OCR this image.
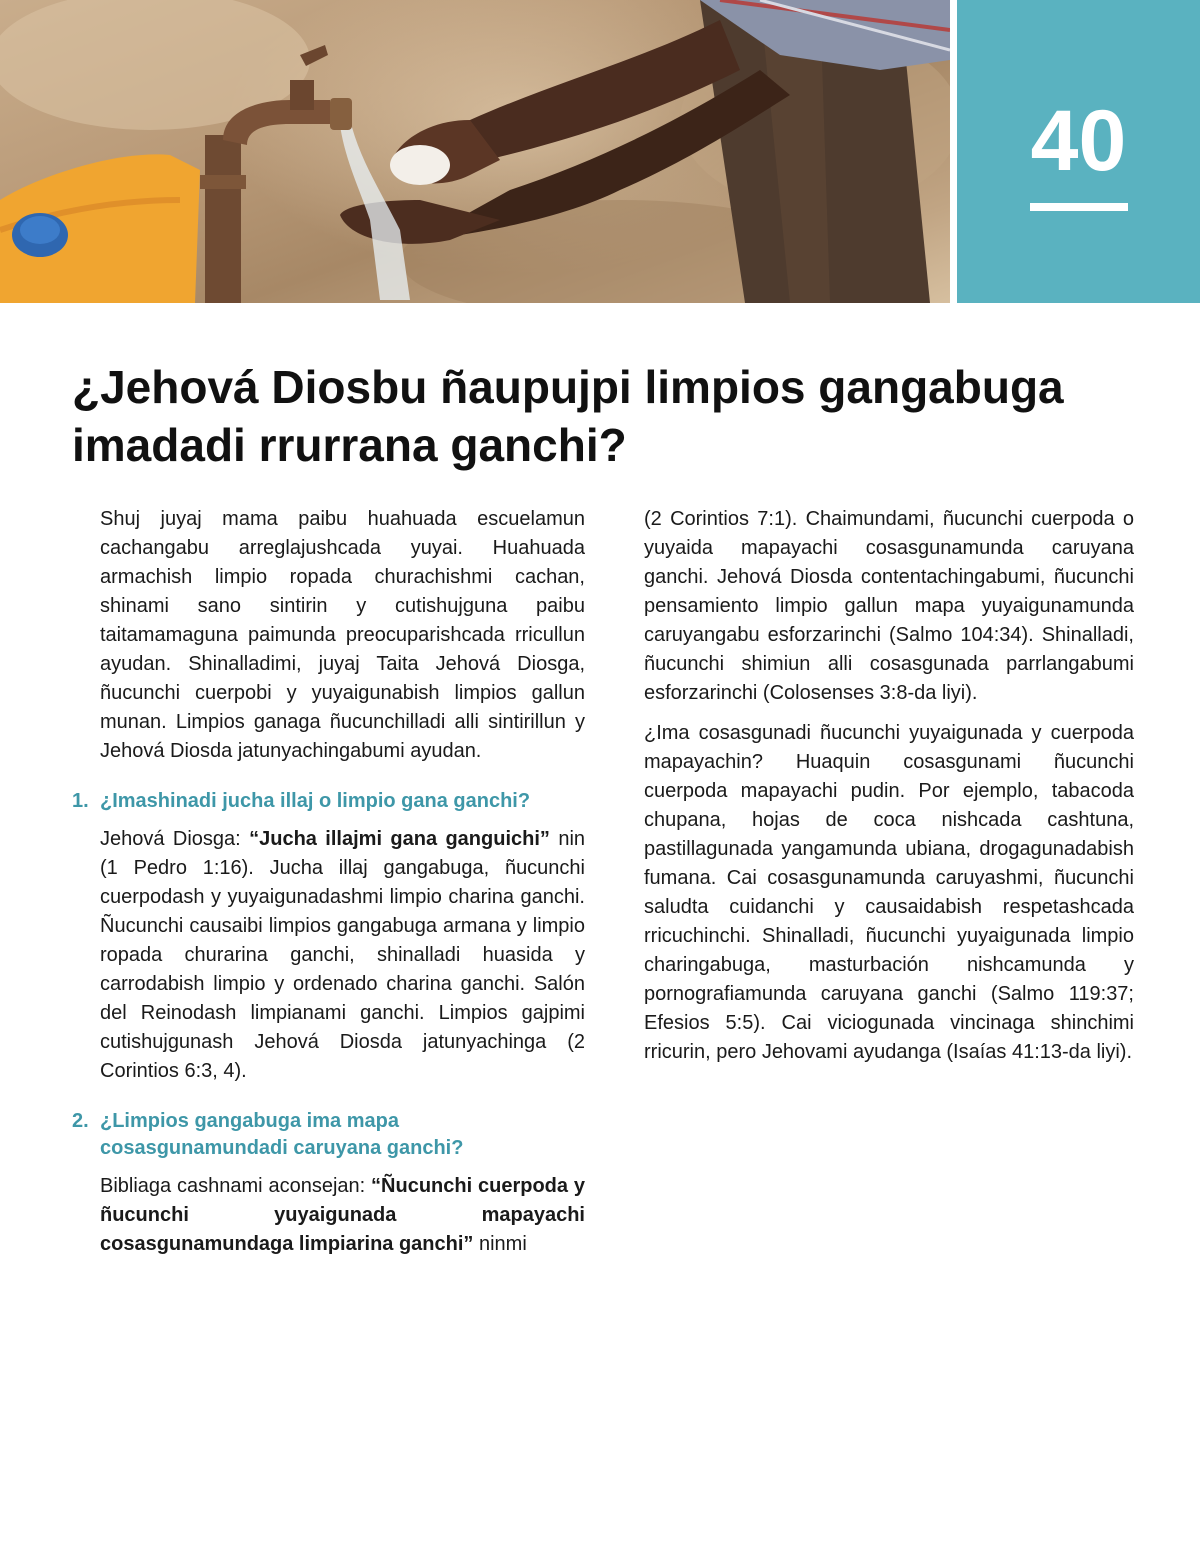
40
¿Jehová Diosbu ñaupujpi limpios gangabuga imadadi rrurrana ganchi?

Shuj juyaj mama paibu huahuada escuelamun cachangabu arreglajushcada yuyai. Huahuada armachish limpio ropada churachishmi cachan, shinami sano sintirin y cutishujguna paibu taitamamaguna paimunda preocuparishcada rricullun ayudan. Shinalladimi, juyaj Taita Jehová Diosga, ñucunchi cuerpobi y yuyaigunabish limpios gallun munan. Limpios ganaga ñucunchilladi alli sintirillun y Jehová Diosda jatunyachingabumi ayudan.

1. ¿Imashinadi jucha illaj o limpio gana ganchi?

Jehová Diosga: “Jucha illajmi gana ganguichi” nin (1 Pedro 1:16). Jucha illaj gangabuga, ñucunchi cuerpodash y yuyaigunadashmi limpio charina ganchi. Ñucunchi causaibi limpios gangabuga armana y limpio ropada churarina ganchi, shinalladi huasida y carrodabish limpio y ordenado charina ganchi. Salón del Reinodash limpianami ganchi. Limpios gajpimi cutishujgunash Jehová Diosda jatunyachinga (2 Corintios 6:3, 4).

2. ¿Limpios gangabuga ima mapa cosasgunamundadi caruyana ganchi?

Bibliaga cashnami aconsejan: “Ñucunchi cuerpoda y ñucunchi yuyaigunada mapayachi cosasgunamundaga limpiarina ganchi” ninmi

(2 Corintios 7:1). Chaimundami, ñucunchi cuerpoda o yuyaida mapayachi cosasgunamunda caruyana ganchi. Jehová Diosda contentachingabumi, ñucunchi pensamiento limpio gallun mapa yuyaigunamunda caruyangabu esforzarinchi (Salmo 104:34). Shinalladi, ñucunchi shimiun alli cosasgunada parrlangabumi esforzarinchi (Colosenses 3:8-da liyi).

¿Ima cosasgunadi ñucunchi yuyaigunada y cuerpoda mapayachin? Huaquin cosasgunami ñucunchi cuerpoda mapayachi pudin. Por ejemplo, tabacoda chupana, hojas de coca nishcada cashtuna, pastillagunada yangamunda ubiana, drogagunadabish fumana. Cai cosasgunamunda caruyashmi, ñucunchi saludta cuidanchi y causaidabish respetashcada rricuchinchi. Shinalladi, ñucunchi yuyaigunada limpio charingabuga, masturbación nishcamunda y pornografiamunda caruyana ganchi (Salmo 119:37; Efesios 5:5). Cai viciogunada vincinaga shinchimi rricurin, pero Jehovami ayudanga (Isaías 41:13-da liyi).
